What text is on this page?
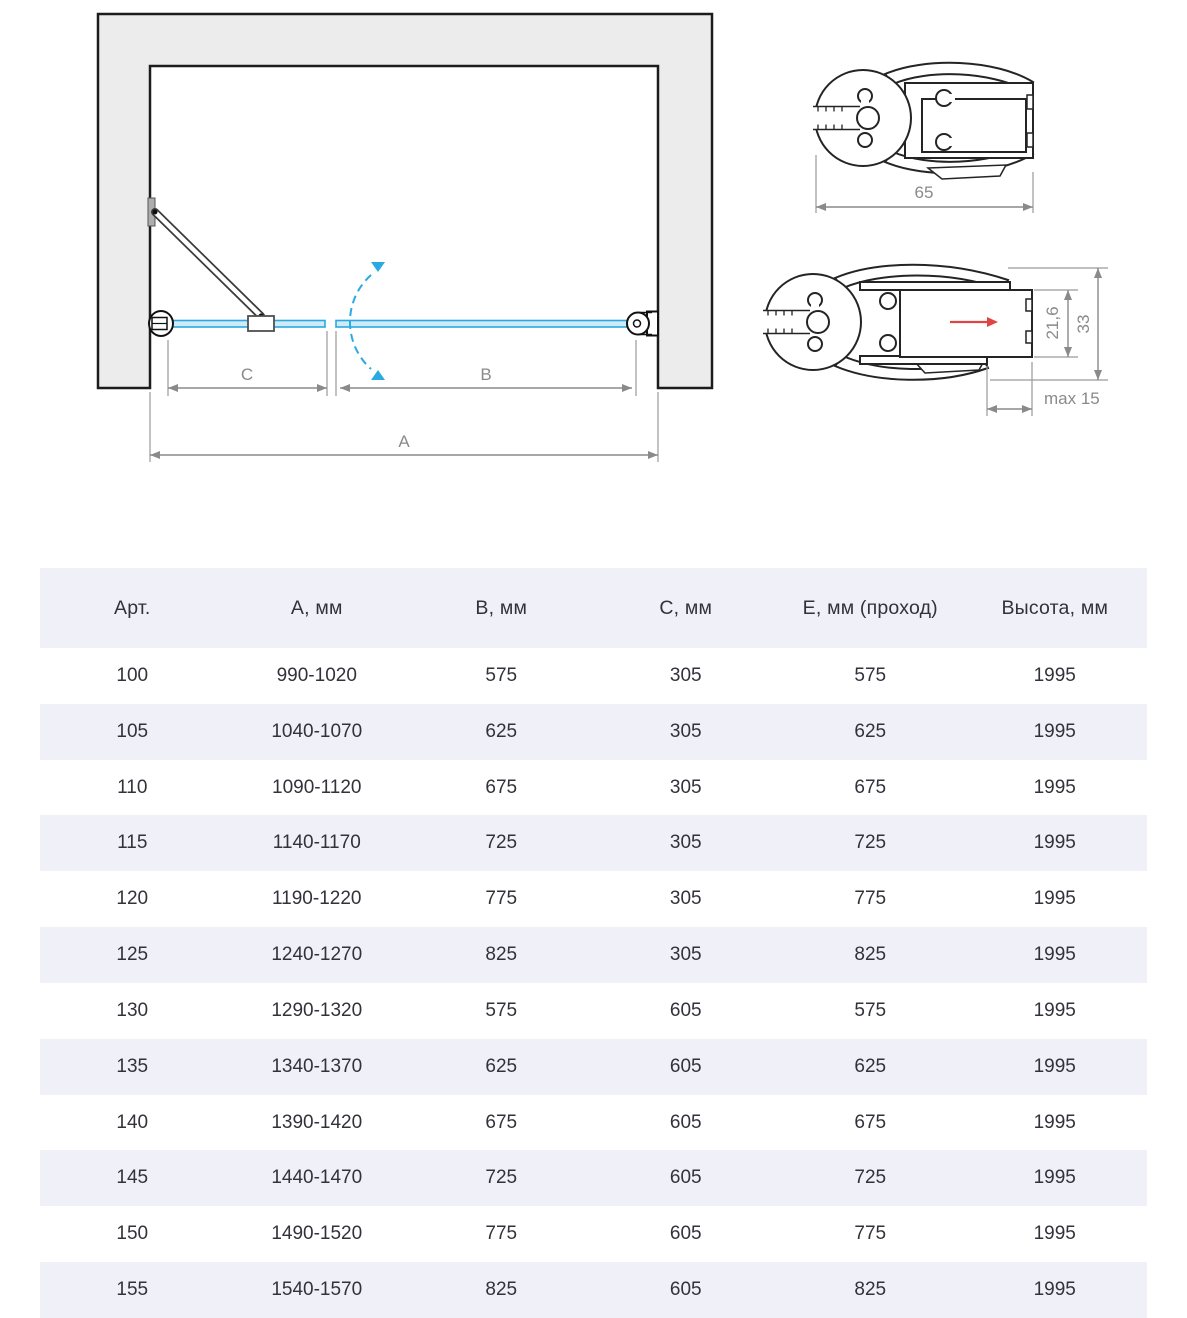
C	B
A
65
21,6 33
max 15
Арт.	А, мм	В, мм	С, мм	Е, мм (проход)	Высота, мм
100	990-1020	575	305	575	1995
105	1040-1070	625	305	625	1995
110	1090-1120	675	305	675	1995
115	1140-1170	725	305	725	1995
120	1190-1220	775	305	775	1995
125	1240-1270	825	305	825	1995
130	1290-1320	575	605	575	1995
135	1340-1370	625	605	625	1995
140	1390-1420	675	605	675	1995
145	1440-1470	725	605	725	1995
150	1490-1520	775	605	775	1995
155	1540-1570	825	605	825	1995
